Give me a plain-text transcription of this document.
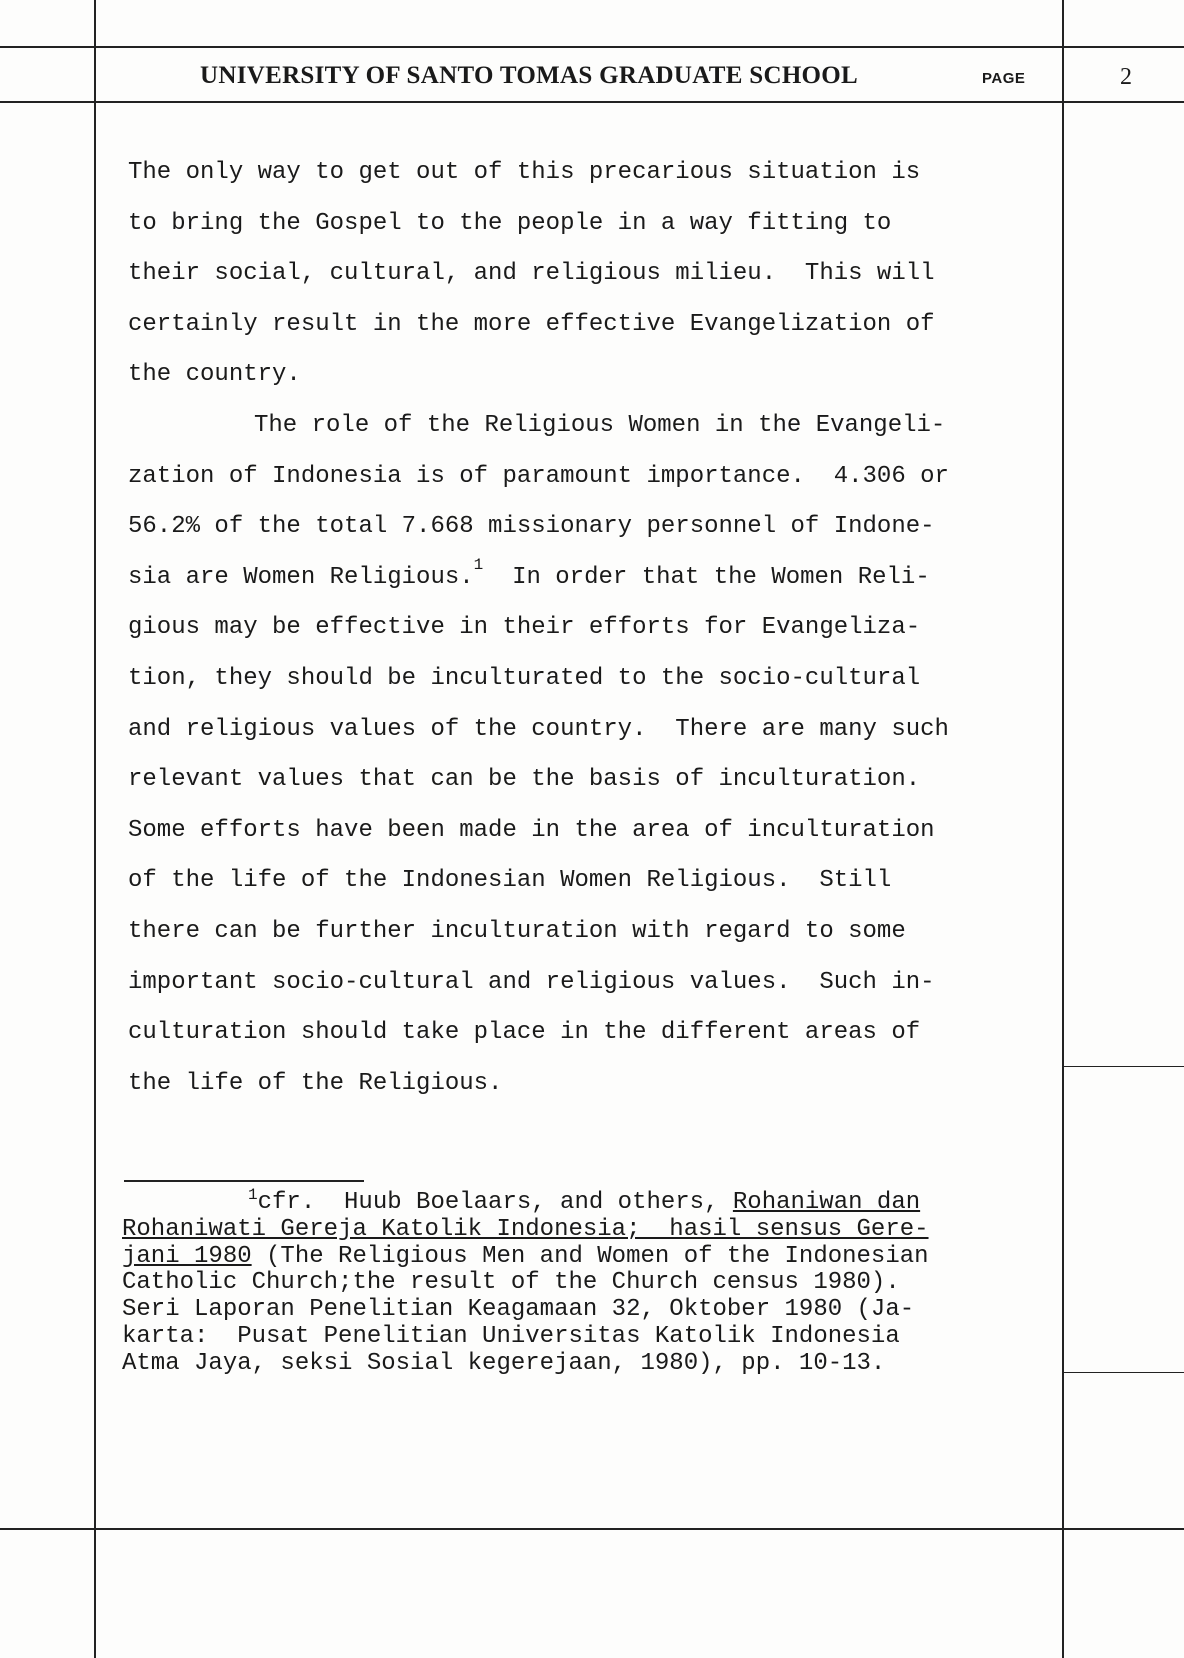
UNIVERSITY OF SANTO TOMAS GRADUATE SCHOOL	PAGE	2
The only way to get out of this precarious situation is
to bring the Gospel to the people in a way fitting to
their social, cultural, and religious milieu.  This will
certainly result in the more effective Evangelization of
the country.
The role of the Religious Women in the Evangeli-
zation of Indonesia is of paramount importance.  4.306 or
56.2% of the total 7.668 missionary personnel of Indone-
sia are Women Religious.$^1$  In order that the Women Reli-
gious may be effective in their efforts for Evangeliza-
tion, they should be inculturated to the socio-cultural
and religious values of the country.  There are many such
relevant values that can be the basis of inculturation.
Some efforts have been made in the area of inculturation
of the life of the Indonesian Women Religious.  Still
there can be further inculturation with regard to some
important socio-cultural and religious values.  Such in-
culturation should take place in the different areas of
the life of the Religious.
$^1$cfr.  Huub Boelaars, and others, Rohaniwan dan
Rohaniwati Gereja Katolik Indonesia;  hasil sensus Gere-
jani 1980 (The Religious Men and Women of the Indonesian
Catholic Church;the result of the Church census 1980).
Seri Laporan Penelitian Keagamaan 32, Oktober 1980 (Ja-
karta:  Pusat Penelitian Universitas Katolik Indonesia
Atma Jaya, seksi Sosial kegerejaan, 1980), pp. 10-13.
